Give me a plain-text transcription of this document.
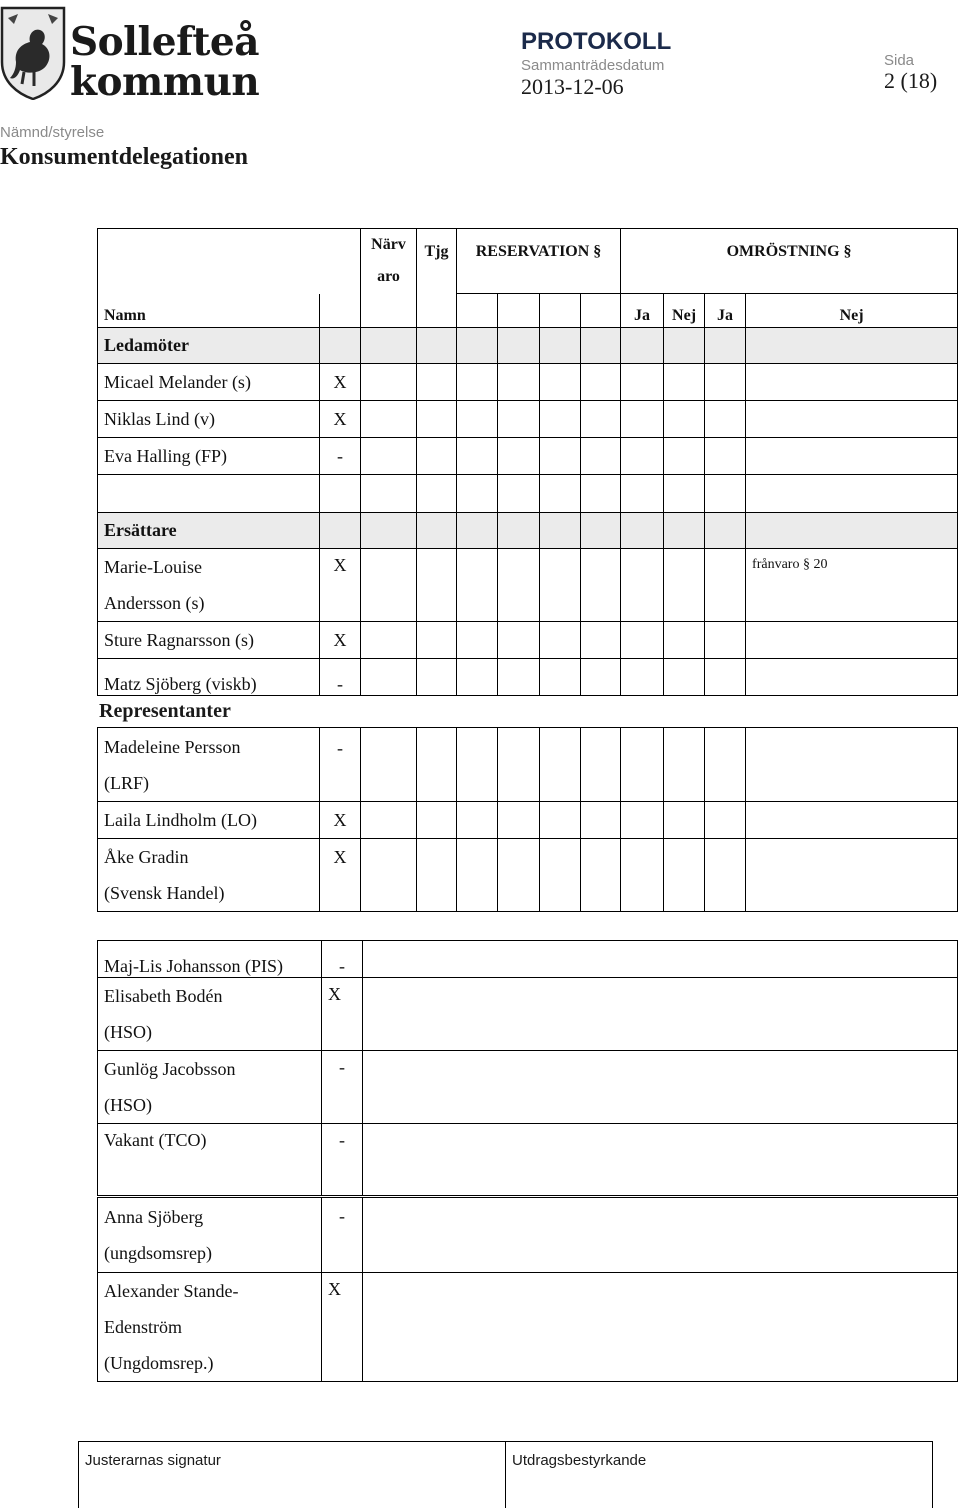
Sollefteå
kommun
PROTOKOLL
Sammanträdesdatum
2013-12-06
Sida
2 (18)
Nämnd/styrelse
Konsumentdelegationen
		Närv aro	Tjg	RESERVATION §				OMRÖSTNING §	
Namn								Ja	Nej	Ja	Nej	
Ledamöter												
Micael Melander (s)	X											
Niklas Lind (v)	X											
Eva Halling (FP)	-											

Ersättare												

Marie-Louise
Andersson (s)	X										frånvaro § 20	
Sture Ragnarsson (s)	X											
Matz Sjöberg (viskb)	-											
Representanter
Madeleine Persson
(LRF)	-										
Laila Lindholm (LO)	X										

Åke Gradin
(Svensk Handel)	X										
Maj-Lis Johansson (PIS)	-	

Elisabeth Bodén
(HSO)	X	

Gunlög Jacobsson
(HSO)	-	
Vakant (TCO)	-	
Anna Sjöberg
(ungdsomsrep)	-	

Alexander Stande-
Edenström
(Ungdomsrep.)	X	
Justerarnas signatur	Utdragsbestyrkande
